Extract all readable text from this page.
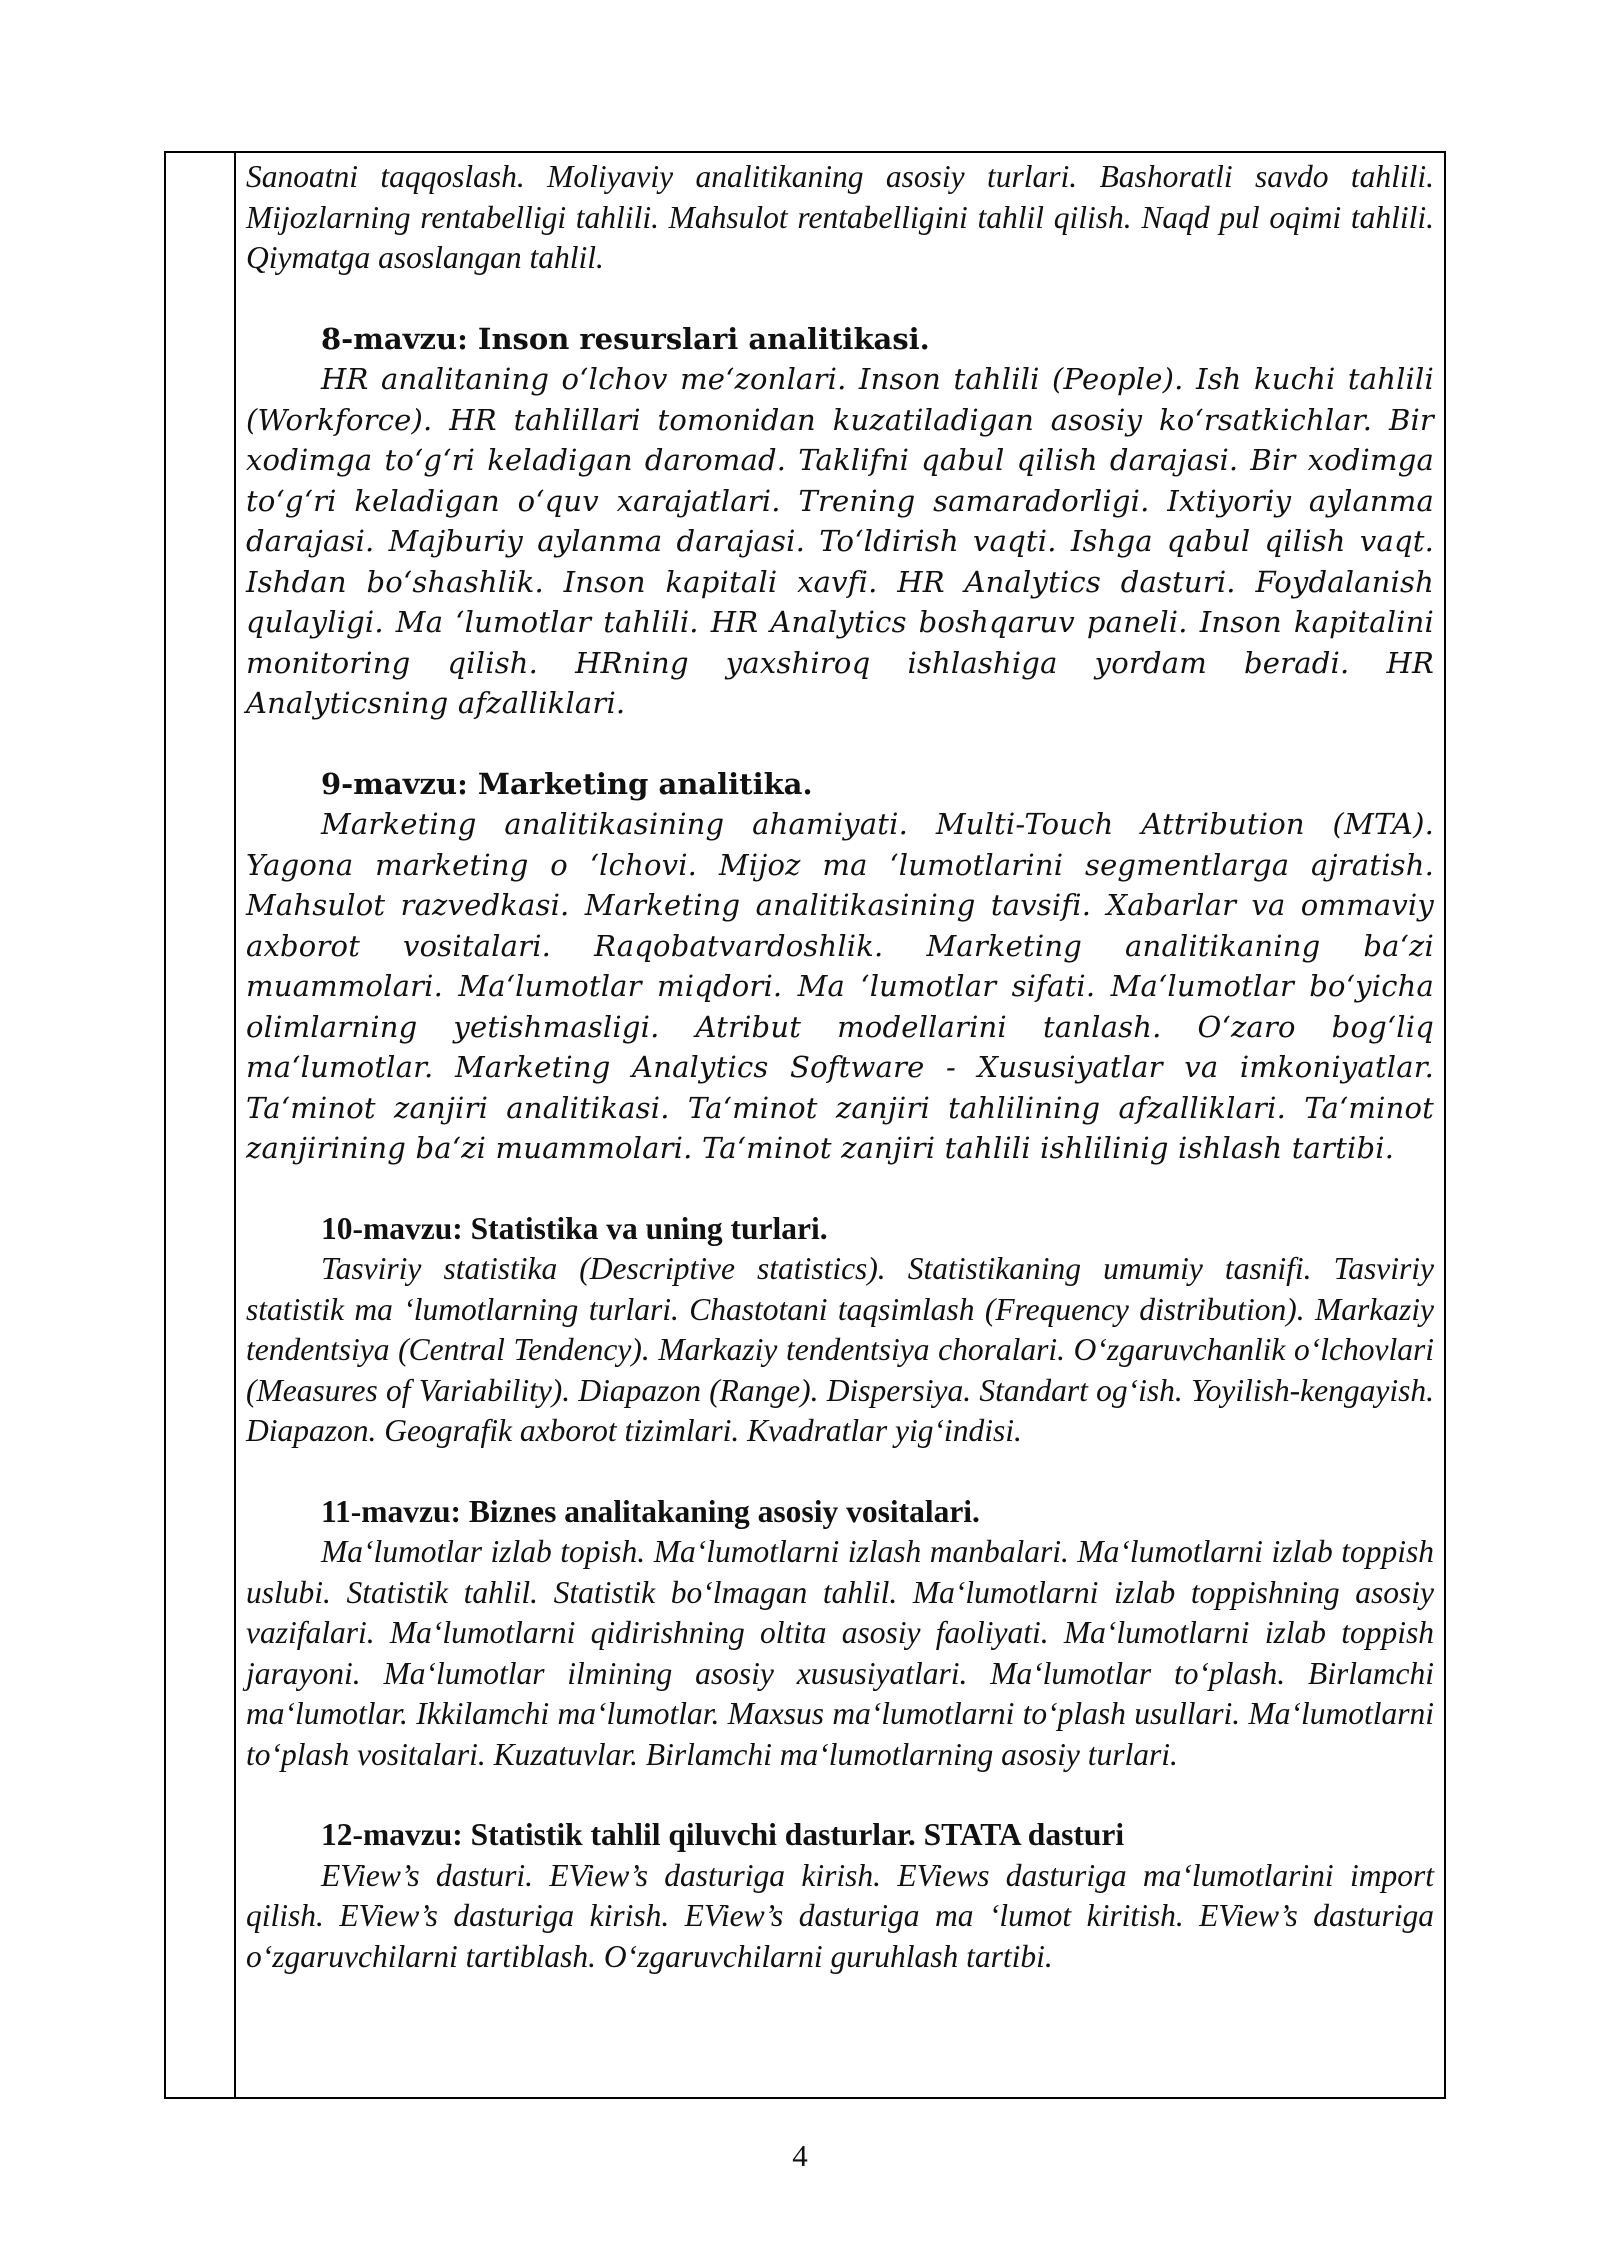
Sanoatni taqqoslash. Moliyaviy analitikaning asosiy turlari. Bashoratli savdo tahlili. Mijozlarning rentabelligi tahlili. Mahsulot rentabelligini tahlil qilish. Naqd pul oqimi tahlili. Qiymatga asoslangan tahlil.

8-mavzu: Inson resurslari analitikasi.

HR analitaning o‘lchov me‘zonlari. Inson tahlili (People). Ish kuchi tahlili (Workforce). HR tahlillari tomonidan kuzatiladigan asosiy ko‘rsatkichlar. Bir xodimga to‘g‘ri keladigan daromad. Taklifni qabul qilish darajasi. Bir xodimga to‘g‘ri keladigan o‘quv xarajatlari. Trening samaradorligi. Ixtiyoriy aylanma darajasi. Majburiy aylanma darajasi. To‘ldirish vaqti. Ishga qabul qilish vaqt. Ishdan bo‘shashlik. Inson kapitali xavfi. HR Analytics dasturi. Foydalanish qulayligi. Ma ‘lumotlar tahlili. HR Analytics boshqaruv paneli. Inson kapitalini monitoring qilish. HRning yaxshiroq ishlashiga yordam beradi. HR Analyticsning afzalliklari.

9-mavzu: Marketing analitika.

Marketing analitikasining ahamiyati. Multi-Touch Attribution (MTA). Yagona marketing o ‘lchovi. Mijoz ma ‘lumotlarini segmentlarga ajratish. Mahsulot razvedkasi. Marketing analitikasining tavsifi. Xabarlar va ommaviy axborot vositalari. Raqobatvardoshlik. Marketing analitikaning ba‘zi muammolari. Ma‘lumotlar miqdori. Ma ‘lumotlar sifati. Ma‘lumotlar bo‘yicha olimlarning yetishmasligi. Atribut modellarini tanlash. O‘zaro bog‘liq ma‘lumotlar. Marketing Analytics Software - Xususiyatlar va imkoniyatlar. Ta‘minot zanjiri analitikasi. Ta‘minot zanjiri tahlilining afzalliklari. Ta‘minot zanjirining ba‘zi muammolari. Ta‘minot zanjiri tahlili ishlilinig ishlash tartibi.

10-mavzu: Statistika va uning turlari.

Tasviriy statistika (Descriptive statistics). Statistikaning umumiy tasnifi. Tasviriy statistik ma ‘lumotlarning turlari. Chastotani taqsimlash (Frequency distribution). Markaziy tendentsiya (Central Tendency). Markaziy tendentsiya choralari. O‘zgaruvchanlik o‘lchovlari (Measures of Variability). Diapazon (Range). Dispersiya. Standart og‘ish. Yoyilish-kengayish. Diapazon. Geografik axborot tizimlari. Kvadratlar yig‘indisi.

11-mavzu: Biznes analitakaning asosiy vositalari.

Ma‘lumotlar izlab topish. Ma‘lumotlarni izlash manbalari. Ma‘lumotlarni izlab toppish uslubi. Statistik tahlil. Statistik bo‘lmagan tahlil. Ma‘lumotlarni izlab toppishning asosiy vazifalari. Ma‘lumotlarni qidirishning oltita asosiy faoliyati. Ma‘lumotlarni izlab toppish jarayoni. Ma‘lumotlar ilmining asosiy xususiyatlari. Ma‘lumotlar to‘plash. Birlamchi ma‘lumotlar. Ikkilamchi ma‘lumotlar. Maxsus ma‘lumotlarni to‘plash usullari. Ma‘lumotlarni to‘plash vositalari. Kuzatuvlar. Birlamchi ma‘lumotlarning asosiy turlari.

12-mavzu: Statistik tahlil qiluvchi dasturlar. STATA dasturi

EView’s dasturi. EView’s dasturiga kirish. EViews dasturiga ma‘lumotlarini import qilish. EView’s dasturiga kirish. EView’s dasturiga ma ‘lumot kiritish. EView’s dasturiga o‘zgaruvchilarni tartiblash. O‘zgaruvchilarni guruhlash tartibi.

4
